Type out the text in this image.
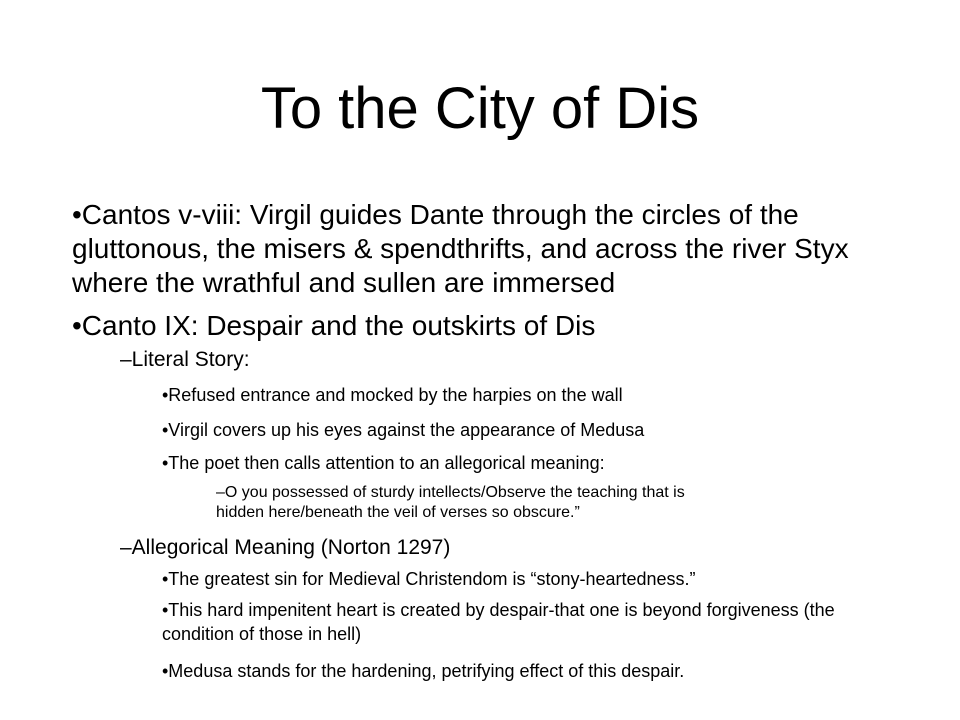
To the City of Dis

•Cantos v-viii: Virgil guides Dante through the circles of the gluttonous, the misers & spendthrifts, and across the river Styx where the wrathful and sullen are immersed

•Canto IX: Despair and the outskirts of Dis

–Literal Story:

•Refused entrance and mocked by the harpies on the wall

•Virgil covers up his eyes against the appearance of Medusa

•The poet then calls attention to an allegorical meaning:

–O you possessed of sturdy intellects/Observe the teaching that is hidden here/beneath the veil of verses so obscure.”

–Allegorical Meaning (Norton 1297)

•The greatest sin for Medieval Christendom is “stony-heartedness.”

•This hard impenitent heart is created by despair-that one is beyond forgiveness (the condition of those in hell)

•Medusa stands for the hardening, petrifying effect of this despair.
